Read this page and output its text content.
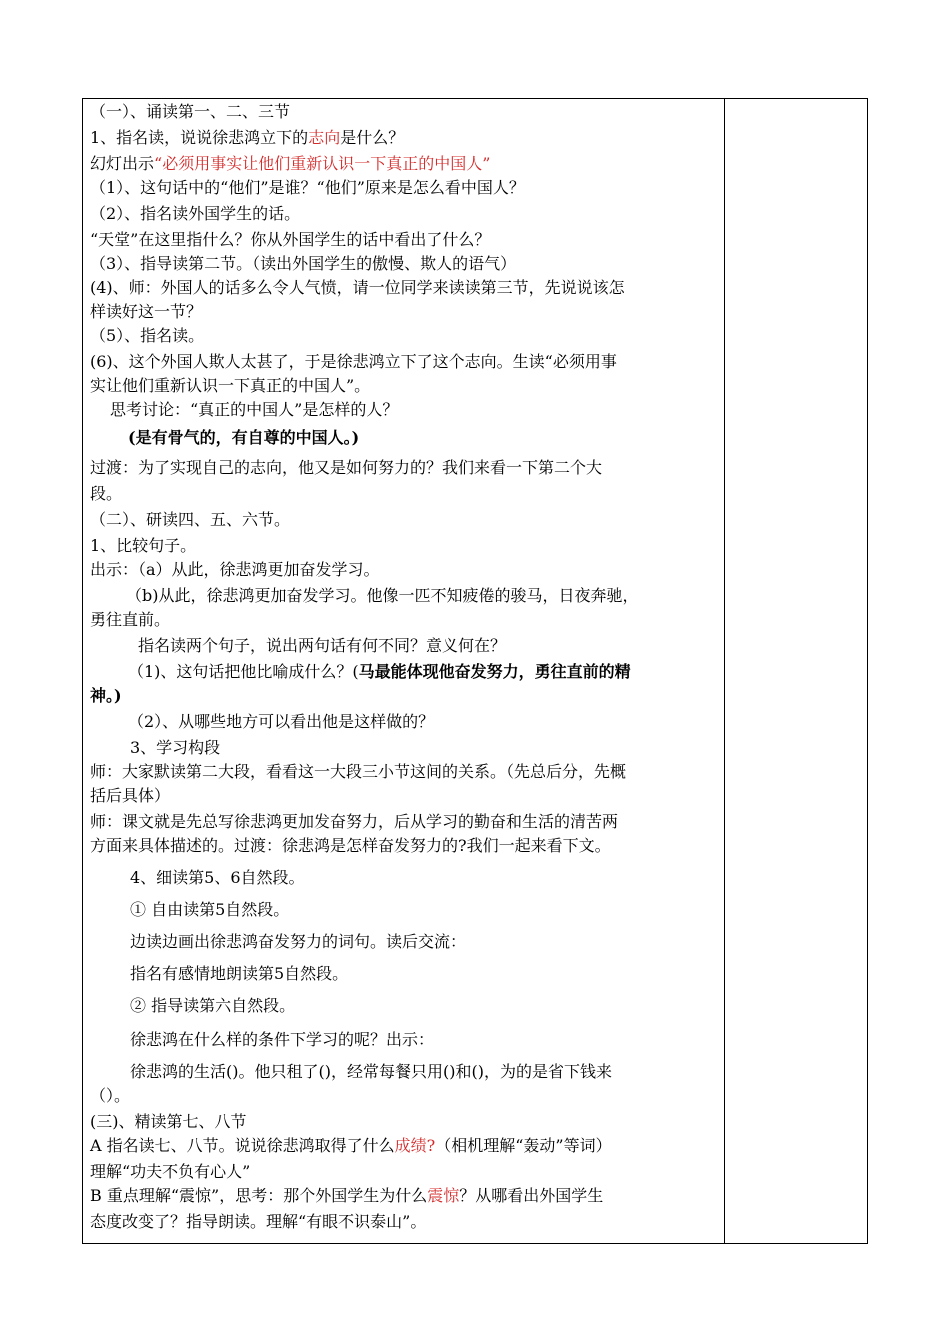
（一）、诵读第一、二、三节
1、指名读，说说徐悲鸿立下的志向是什么？
幻灯出示“必须用事实让他们重新认识一下真正的中国人”
（1）、这句话中的“他们”是谁？“他们”原来是怎么看中国人？
（2）、指名读外国学生的话。
“天堂”在这里指什么？你从外国学生的话中看出了什么？
（3）、指导读第二节。（读出外国学生的傲慢、欺人的语气）
(4)、师：外国人的话多么令人气愤，请一位同学来读读第三节，先说说该怎
样读好这一节？
（5）、指名读。
(6)、这个外国人欺人太甚了，于是徐悲鸿立下了这个志向。生读“必须用事
实让他们重新认识一下真正的中国人”。
思考讨论：“真正的中国人”是怎样的人？
(是有骨气的，有自尊的中国人。)
过渡：为了实现自己的志向，他又是如何努力的？我们来看一下第二个大
段。
（二）、研读四、五、六节。
1、比较句子。
出示：（a）从此，徐悲鸿更加奋发学习。
（b)从此，徐悲鸿更加奋发学习。他像一匹不知疲倦的骏马，日夜奔驰，
勇往直前。
指名读两个句子，说出两句话有何不同？意义何在？
（1)、这句话把他比喻成什么？(马最能体现他奋发努力，勇往直前的精
神。)
（2）、从哪些地方可以看出他是这样做的？
3、学习构段
师：大家默读第二大段，看看这一大段三小节这间的关系。（先总后分，先概
括后具体）
师：课文就是先总写徐悲鸿更加发奋努力，后从学习的勤奋和生活的清苦两
方面来具体描述的。过渡：徐悲鸿是怎样奋发努力的?我们一起来看下文。
4、细读第5、6自然段。
① 自由读第5自然段。
边读边画出徐悲鸿奋发努力的词句。读后交流：
指名有感情地朗读第5自然段。
② 指导读第六自然段。
徐悲鸿在什么样的条件下学习的呢？出示：
徐悲鸿的生活()。他只租了()，经常每餐只用()和()，为的是省下钱来
（）。
(三)、精读第七、八节
A 指名读七、八节。说说徐悲鸿取得了什么成绩?（相机理解“轰动”等词）
理解“功夫不负有心人”
B 重点理解“震惊”，思考：那个外国学生为什么震惊？从哪看出外国学生
态度改变了？指导朗读。理解“有眼不识泰山”。
